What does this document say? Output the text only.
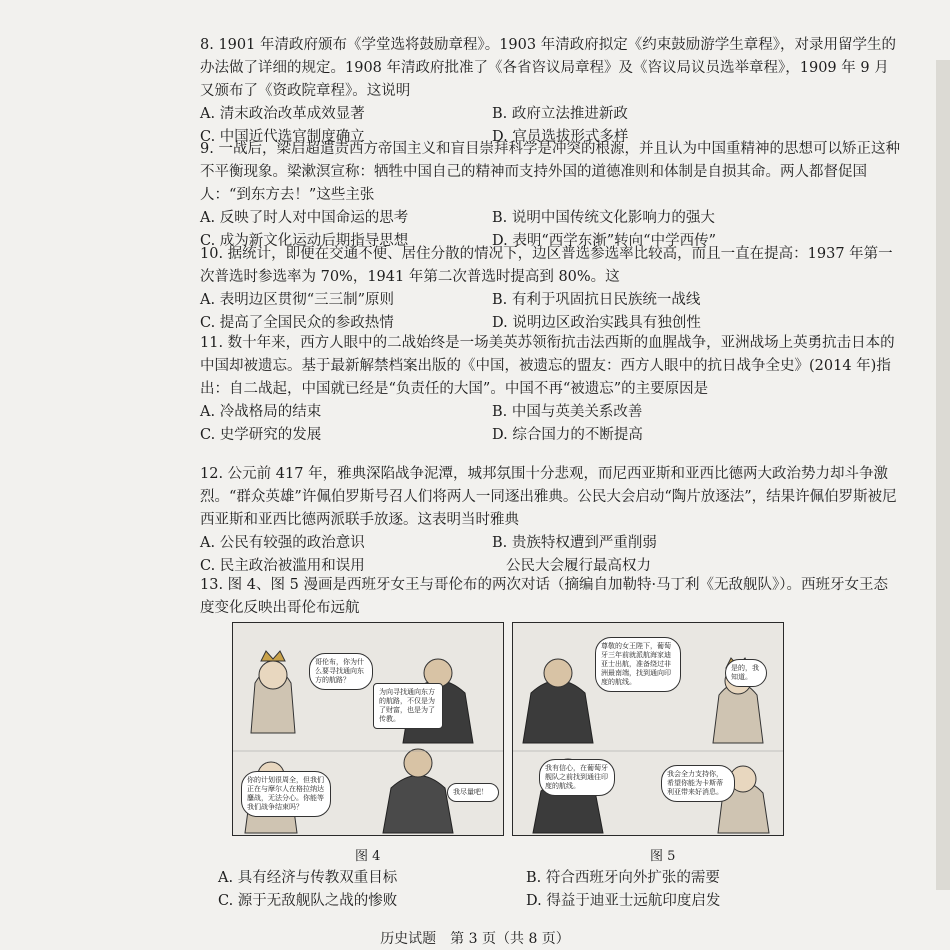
8. 1901 年清政府颁布《学堂选将鼓励章程》。1903 年清政府拟定《约束鼓励游学生章程》，对录用留学生的办法做了详细的规定。1908 年清政府批准了《各省咨议局章程》及《咨议局议员选举章程》，1909 年 9 月又颁布了《资政院章程》。这说明
A. 清末政治改革成效显著	B. 政府立法推进新政
C. 中国近代选官制度确立	D. 官员选拔形式多样
9. 一战后，梁启超遣责西方帝国主义和盲目崇拜科学是冲突的根源，并且认为中国重精神的思想可以矫正这种不平衡现象。梁漱溟宣称：牺牲中国自己的精神而支持外国的道德准则和体制是自损其命。两人都督促国人：“到东方去！”这些主张
A. 反映了时人对中国命运的思考	B. 说明中国传统文化影响力的强大
C. 成为新文化运动后期指导思想	D. 表明“西学东渐”转向“中学西传”
10. 据统计，即便在交通不便、居住分散的情况下，边区普选参选率比较高，而且一直在提高：1937 年第一次普选时参选率为 70%，1941 年第二次普选时提高到 80%。这
A. 表明边区贯彻“三三制”原则	B. 有利于巩固抗日民族统一战线
C. 提高了全国民众的参政热情	D. 说明边区政治实践具有独创性
11. 数十年来，西方人眼中的二战始终是一场美英苏领衔抗击法西斯的血腥战争，亚洲战场上英勇抗击日本的中国却被遗忘。基于最新解禁档案出版的《中国，被遗忘的盟友：西方人眼中的抗日战争全史》(2014 年)指出：自二战起，中国就已经是“负责任的大国”。中国不再“被遗忘”的主要原因是
A. 冷战格局的结束	B. 中国与英美关系改善
C. 史学研究的发展	D. 综合国力的不断提高
12. 公元前 417 年，雅典深陷战争泥潭，城邦氛围十分悲观，而尼西亚斯和亚西比德两大政治势力却斗争激烈。“群众英雄”许佩伯罗斯号召人们将两人一同逐出雅典。公民大会启动“陶片放逐法”，结果许佩伯罗斯被尼西亚斯和亚西比德两派联手放逐。这表明当时雅典
A. 公民有较强的政治意识	B. 贵族特权遭到严重削弱
C. 民主政治被滥用和误用	公民大会履行最高权力
13. 图 4、图 5 漫画是西班牙女王与哥伦布的两次对话（摘编自加勒特·马丁利《无敌舰队》）。西班牙女王态度变化反映出哥伦布远航
哥伦布，你为什么要寻找通向东方的航路？
为向寻找通向东方的航路，不仅是为了财富，也是为了传教。
你的计划很周全，但我们正在与摩尔人在格拉纳达鏖战，无法分心。你能等我们战争结束吗？
我尽量吧！
尊敬的女王陛下，葡萄牙三年前就派航海家迪亚士出航，准备绕过非洲最南端，找到通向印度的航线。
是的，我知道。
我有信心，在葡萄牙舰队之前找到通往印度的航线。
我会全力支持你，希望你能为卡斯蒂利亚带来好消息。
图 4	图 5
A. 具有经济与传教双重目标	B. 符合西班牙向外扩张的需要
C. 源于无敌舰队之战的惨败	D. 得益于迪亚士远航印度启发
历史试题　第 3 页（共 8 页）
